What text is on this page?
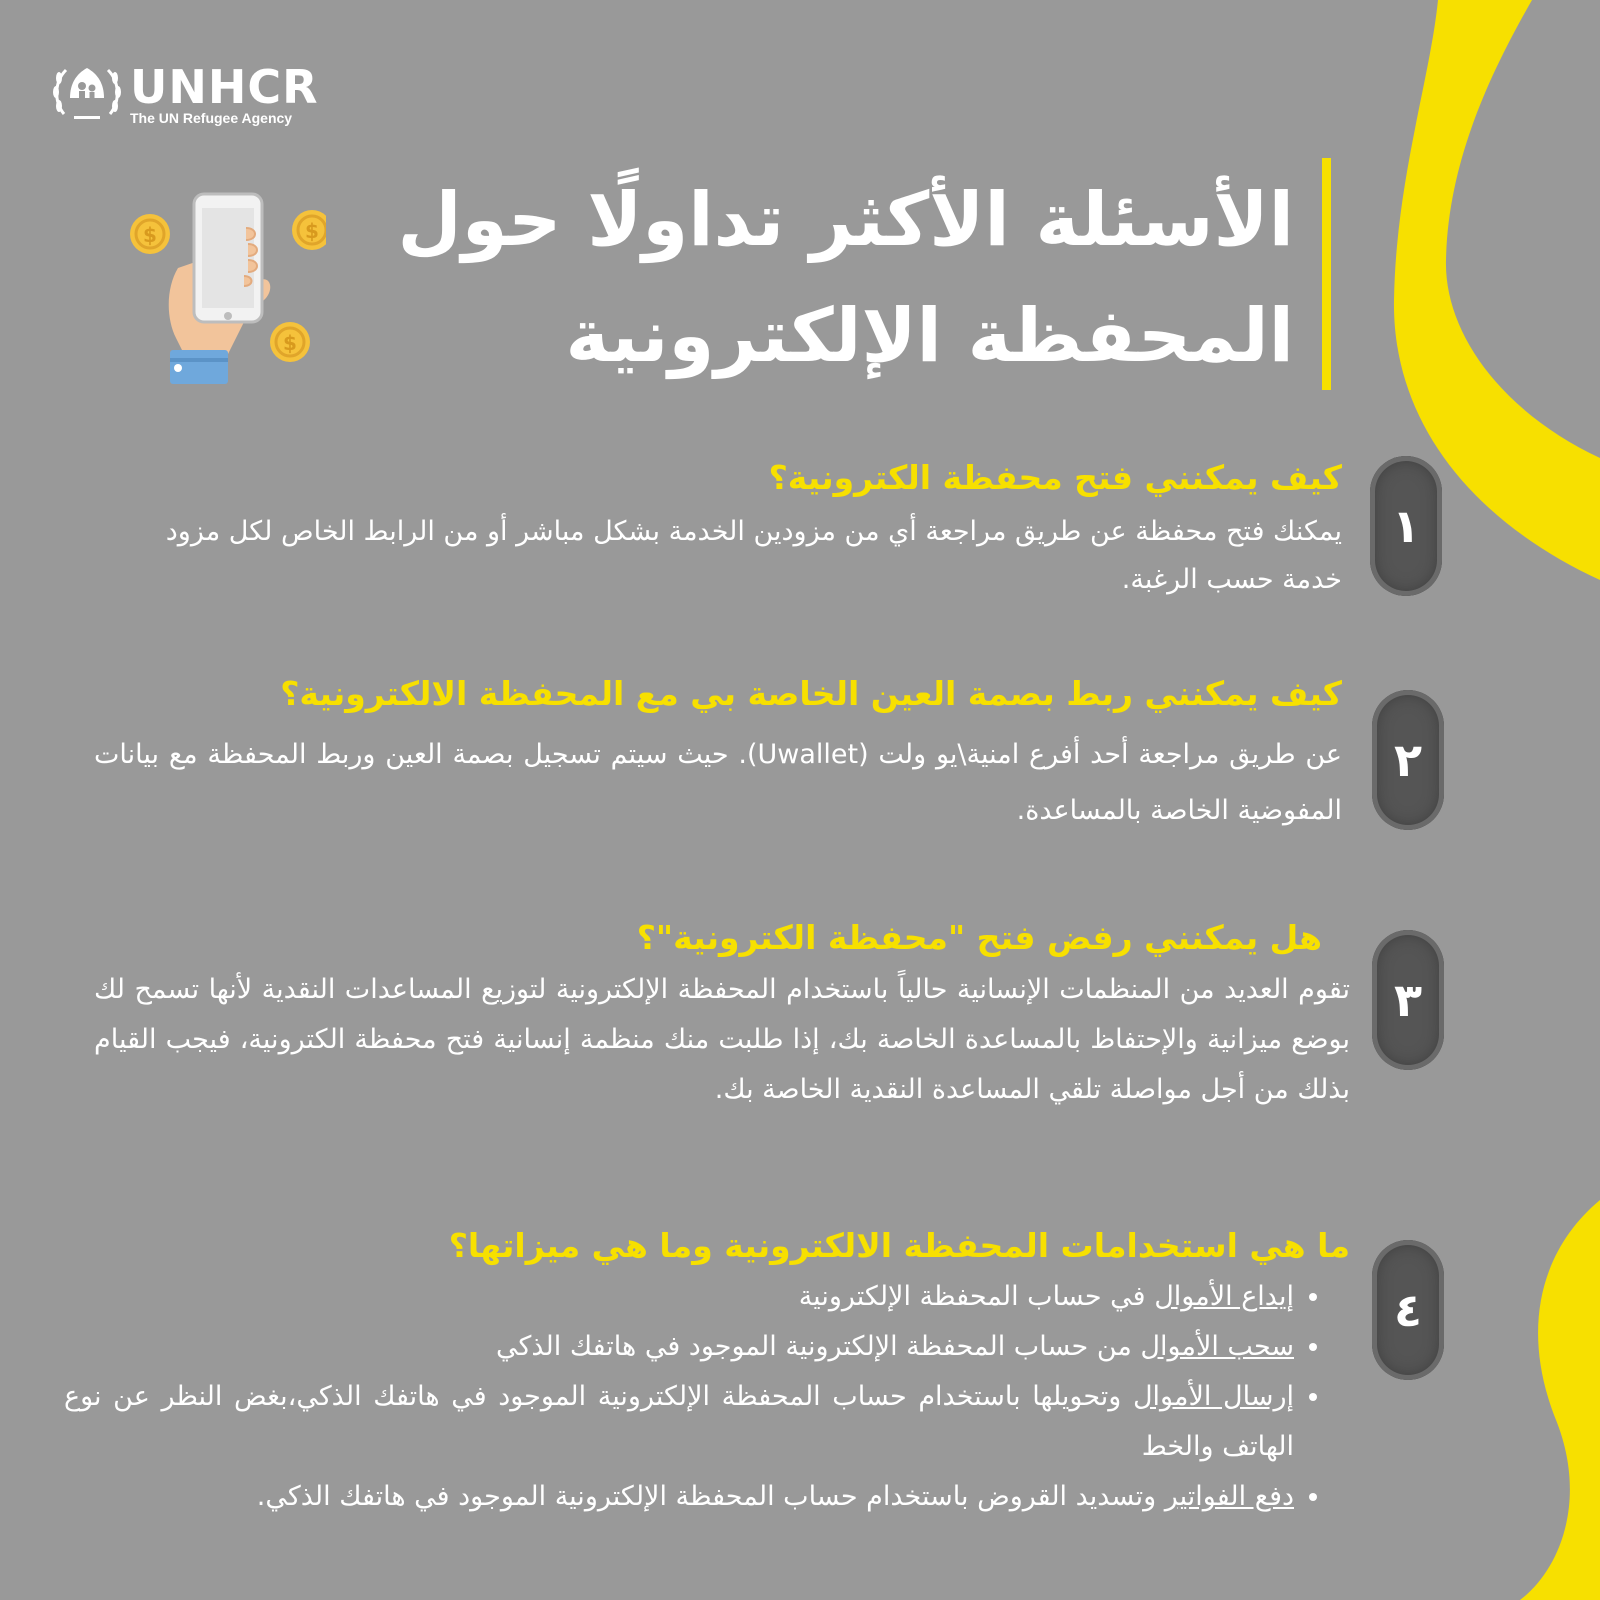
UNHCR
The UN Refugee Agency
الأسئلة الأكثر تداولًا حول
المحفظة الإلكترونية
$	$
$
١
كيف يمكنني فتح محفظة الكترونية؟

يمكنك فتح محفظة عن طريق مراجعة أي من مزودين الخدمة بشكل مباشر أو من الرابط الخاص لكل مزود خدمة حسب الرغبة.

٢
كيف يمكنني ربط بصمة العين الخاصة بي مع المحفظة الالكترونية؟

عن طريق مراجعة أحد أفرع امنية\يو ولت (Uwallet). حيث سيتم تسجيل بصمة العين وربط المحفظة مع بيانات المفوضية الخاصة بالمساعدة.

٣
هل يمكنني رفض فتح "محفظة الكترونية"؟

تقوم العديد من المنظمات الإنسانية حالياً باستخدام المحفظة الإلكترونية لتوزيع المساعدات النقدية لأنها تسمح لك بوضع ميزانية والإحتفاظ بالمساعدة الخاصة بك، إذا طلبت منك منظمة إنسانية فتح محفظة الكترونية، فيجب القيام بذلك من أجل مواصلة تلقي المساعدة النقدية الخاصة بك.

٤
ما هي استخدامات المحفظة الالكترونية وما هي ميزاتها؟
• إيداع الأموال في حساب المحفظة الإلكترونية
• سحب الأموال من حساب المحفظة الإلكترونية الموجود في هاتفك الذكي
• إرسال الأموال وتحويلها باستخدام حساب المحفظة الإلكترونية الموجود في هاتفك الذكي،بغض النظر عن نوع الهاتف والخط
• دفع الفواتير وتسديد القروض باستخدام حساب المحفظة الإلكترونية الموجود في هاتفك الذكي.
